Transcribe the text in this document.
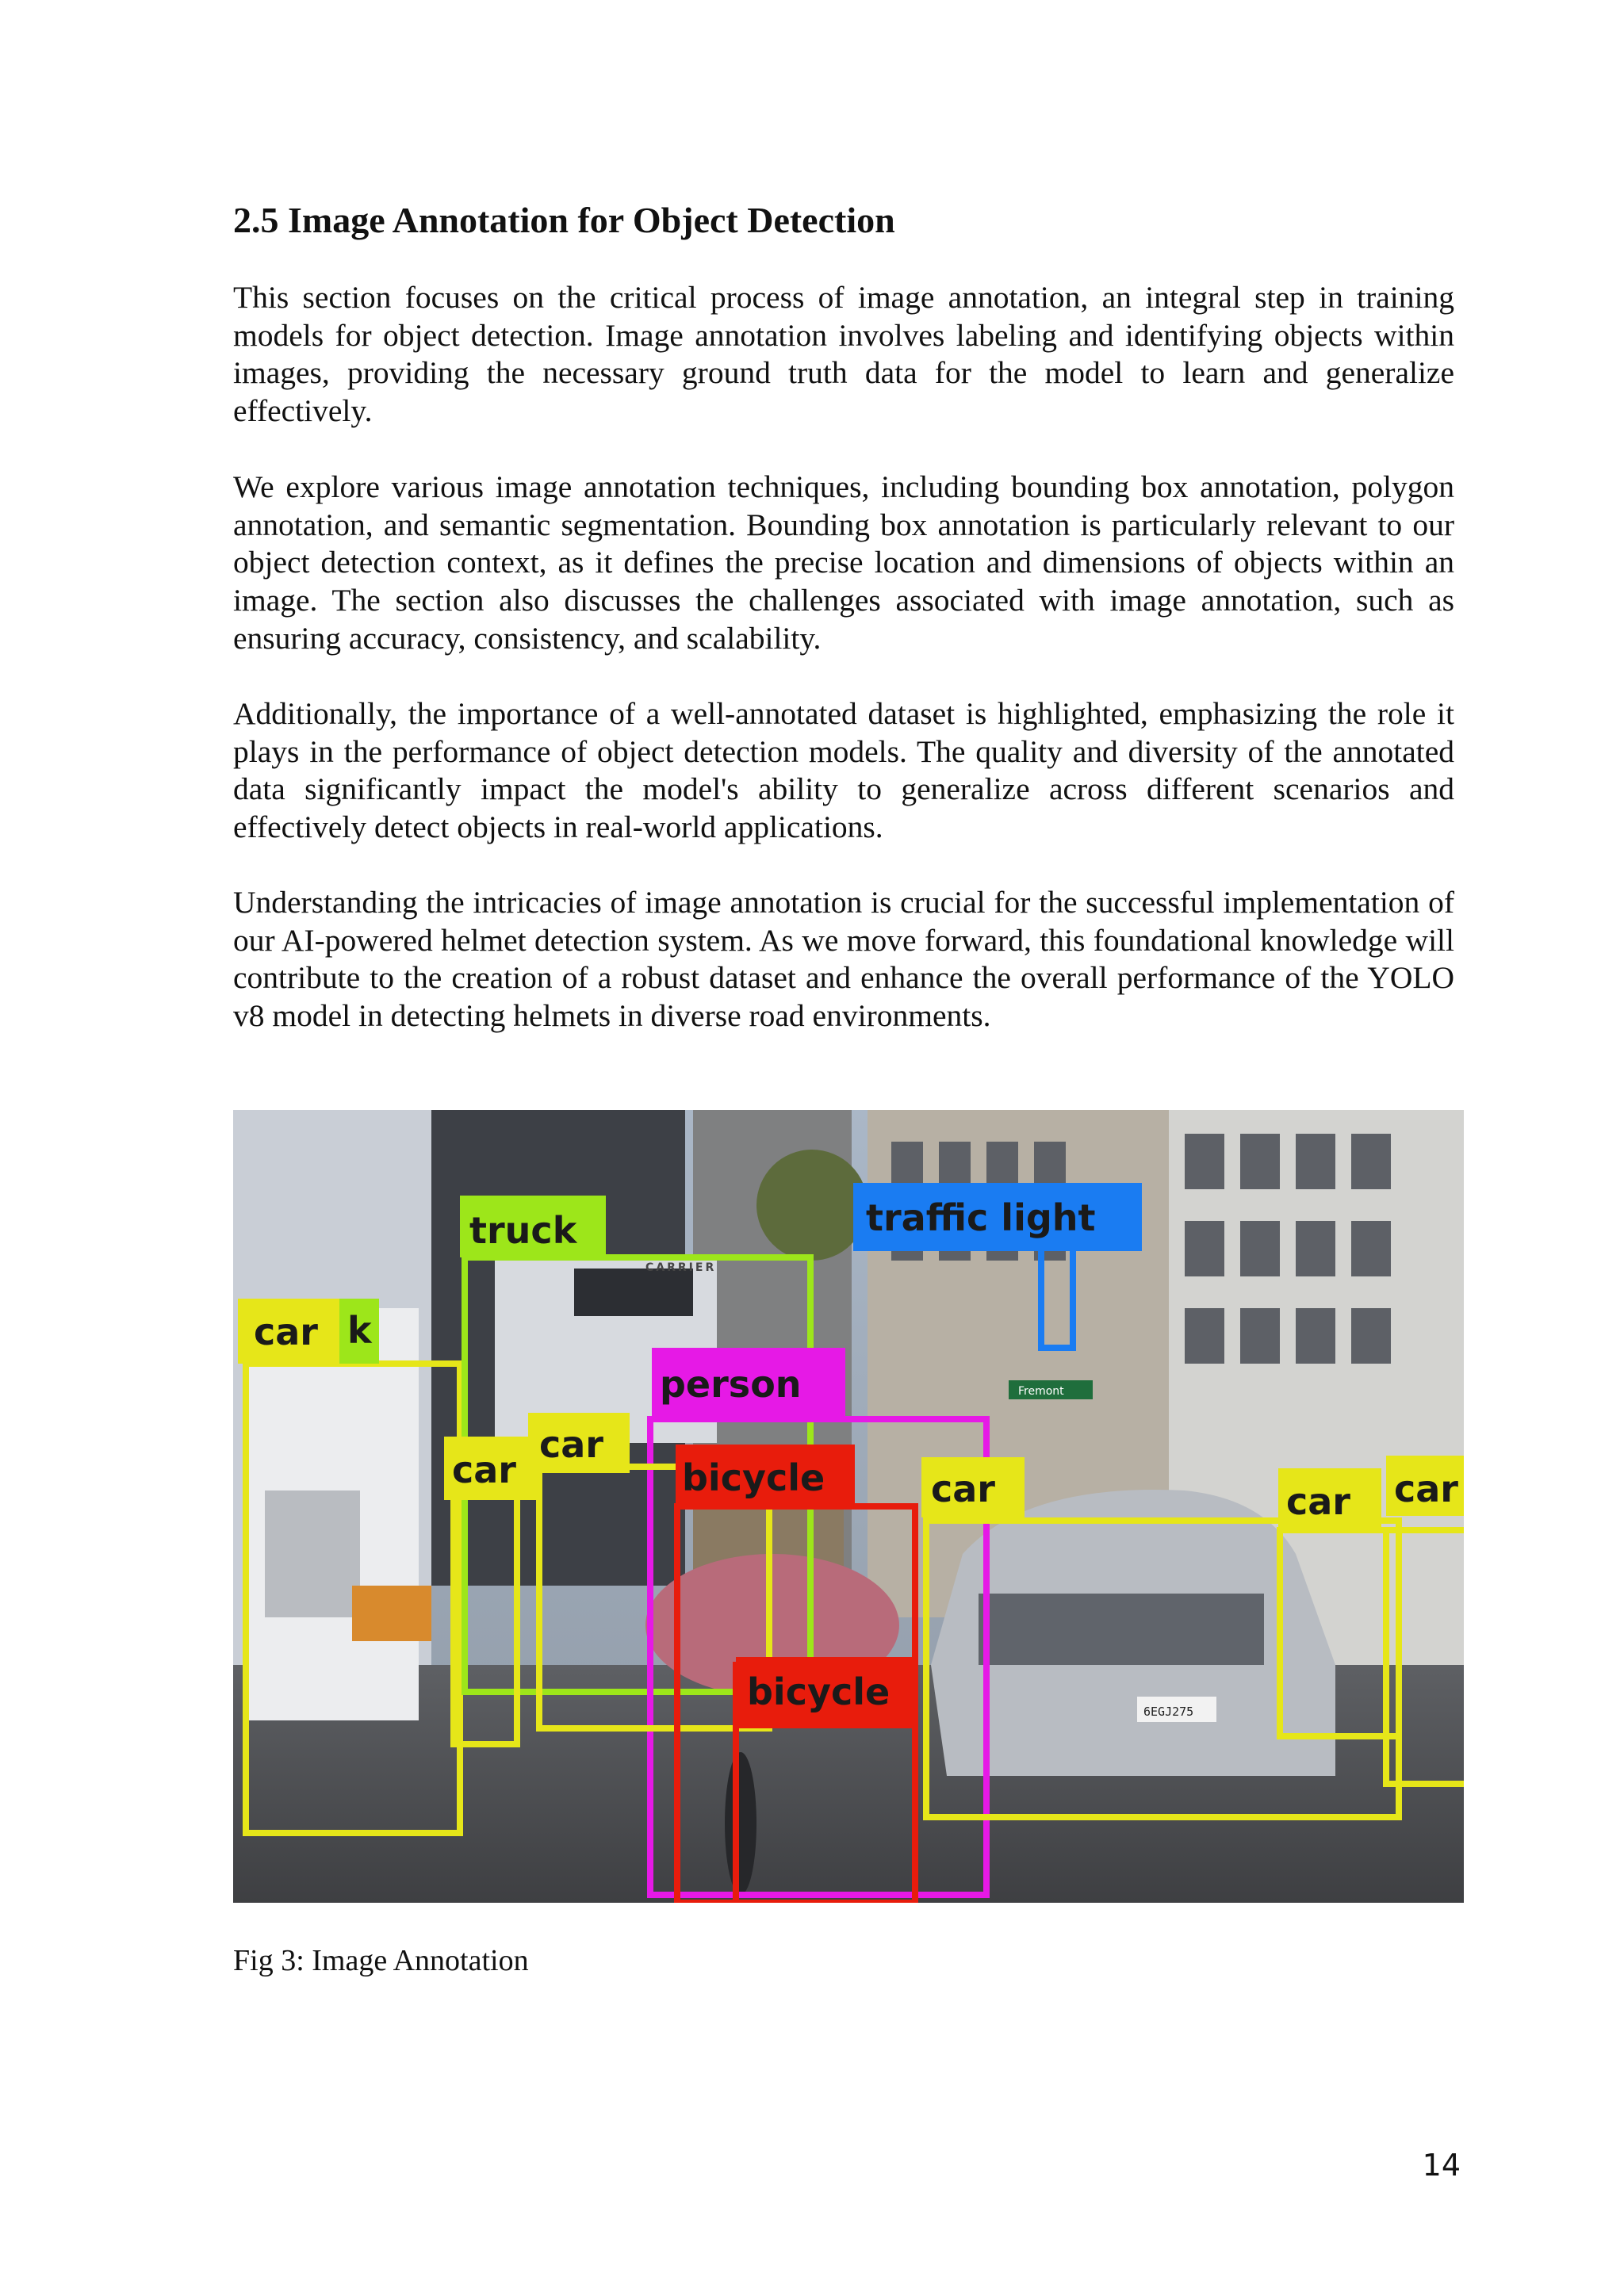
2.5 Image Annotation for Object Detection

This section focuses on the critical process of image annotation, an integral step in training models for object detection. Image annotation involves labeling and identifying objects within images, providing the necessary ground truth data for the model to learn and generalize effectively.

We explore various image annotation techniques, including bounding box annotation, polygon annotation, and semantic segmentation. Bounding box annotation is particularly relevant to our object detection context, as it defines the precise location and dimensions of objects within an image. The section also discusses the challenges associated with image annotation, such as ensuring accuracy, consistency, and scalability.

Additionally, the importance of a well-annotated dataset is highlighted, emphasizing the role it plays in the performance of object detection models. The quality and diversity of the annotated data significantly impact the model's ability to generalize across different scenarios and effectively detect objects in real-world applications.

Understanding the intricacies of image annotation is crucial for the successful implementation of our AI-powered helmet detection system. As we move forward, this foundational knowledge will contribute to the creation of a robust dataset and enhance the overall performance of the YOLO v8 model in detecting helmets in diverse road environments.

CARRIER
Fremont
6EGJ275
truck	traffic light
car k
person
car
car
bicycle	car	car car
bicycle

Fig 3: Image Annotation

14
